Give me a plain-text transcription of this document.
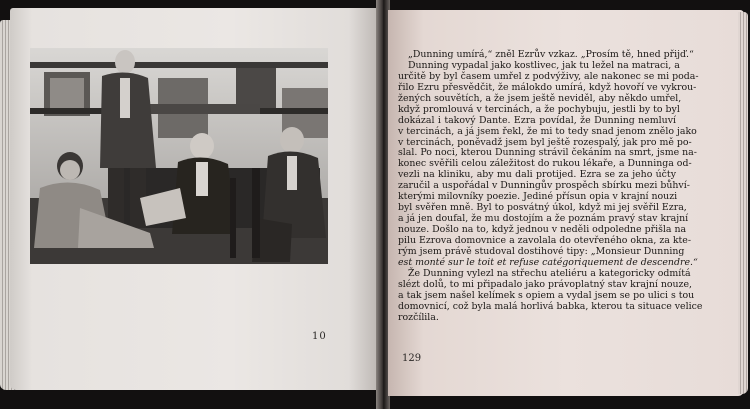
10
„Dunning umírá,“ zněl Ezrův vzkaz. „Prosím tě, hned přijď.“
Dunning vypadal jako kostlivec, jak tu ležel na matraci, a
určitě by byl časem umřel z podvýživy, ale nakonec se mi poda-
řilo Ezru přesvědčit, že málokdo umírá, když hovoří ve vykrou-
žených souvětích, a že jsem ještě neviděl, aby někdo umřel,
když promlouvá v tercinách, a že pochybuju, jestli by to byl
dokázal i takový Dante. Ezra povídal, že Dunning nemluví
v tercinách, a já jsem řekl, že mi to tedy snad jenom znělo jako
v tercinách, poněvadž jsem byl ještě rozespalý, jak pro mě po-
slal. Po noci, kterou Dunning strávil čekáním na smrt, jsme na-
konec svěřili celou záležitost do rukou lékaře, a Dunninga od-
vezli na kliniku, aby mu dali protijed. Ezra se za jeho účty
zaručil a uspořádal v Dunningův prospěch sbírku mezi bůhví-
kterými milovníky poezie. Jediné přísun opia v krajní nouzi
byl svěřen mně. Byl to posvátný úkol, když mi jej svěřil Ezra,
a já jen doufal, že mu dostojím a že poznám pravý stav krajní
nouze. Došlo na to, když jednou v neděli odpoledne přišla na
pilu Ezrova domovnice a zavolala do otevřeného okna, za kte-
rým jsem právě studoval dostihové tipy: „Monsieur Dunning
est monté sur le toit et refuse catégoriquement de descendre.“
Že Dunning vylezl na střechu ateliéru a kategoricky odmítá
slézt dolů, to mi připadalo jako právoplatný stav krajní nouze,
a tak jsem našel kelímek s opiem a vydal jsem se po ulici s tou
domovnicí, což byla malá horlivá babka, kterou ta situace velice
rozčílila.
129
